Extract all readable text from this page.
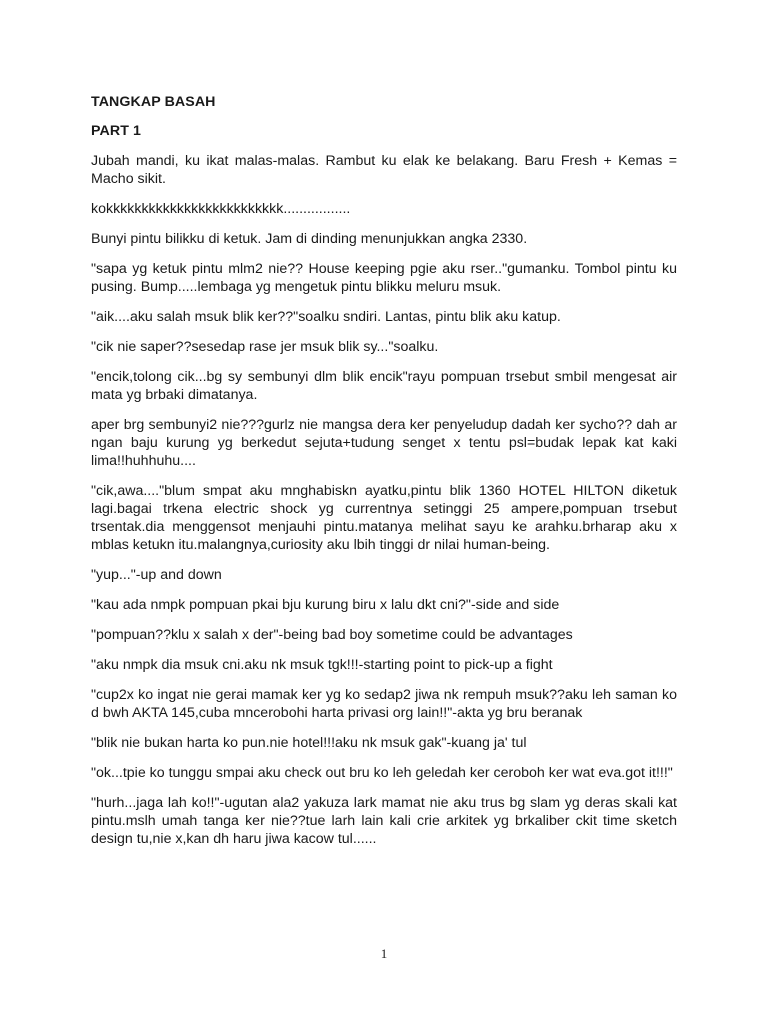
TANGKAP BASAH
PART 1

Jubah mandi, ku ikat malas-malas. Rambut ku elak ke belakang. Baru Fresh + Kemas = Macho sikit.

kokkkkkkkkkkkkkkkkkkkkkkkkk.................

Bunyi pintu bilikku di ketuk. Jam di dinding menunjukkan angka 2330.

"sapa yg ketuk pintu mlm2 nie?? House keeping pgie aku rser.."gumanku. Tombol pintu ku pusing. Bump.....lembaga yg mengetuk pintu blikku meluru msuk.

"aik....aku salah msuk blik ker??"soalku sndiri. Lantas, pintu blik aku katup.

"cik nie saper??sesedap rase jer msuk blik sy..."soalku.

"encik,tolong cik...bg sy sembunyi dlm blik encik"rayu pompuan trsebut smbil mengesat air mata yg brbaki dimatanya.

aper brg sembunyi2 nie???gurlz nie mangsa dera ker penyeludup dadah ker sycho?? dah ar ngan baju kurung yg berkedut sejuta+tudung senget x tentu psl=budak lepak kat kaki lima!!huhhuhu....

"cik,awa...."blum smpat aku mnghabiskn ayatku,pintu blik 1360 HOTEL HILTON diketuk lagi.bagai trkena electric shock yg currentnya setinggi 25 ampere,pompuan trsebut trsentak.dia menggensot menjauhi pintu.matanya melihat sayu ke arahku.brharap aku x mblas ketukn itu.malangnya,curiosity aku lbih tinggi dr nilai human-being.

"yup..."-up and down

"kau ada nmpk pompuan pkai bju kurung biru x lalu dkt cni?"-side and side

"pompuan??klu x salah x der"-being bad boy sometime could be advantages

"aku nmpk dia msuk cni.aku nk msuk tgk!!!-starting point to pick-up a fight

"cup2x ko ingat nie gerai mamak ker yg ko sedap2 jiwa nk rempuh msuk??aku leh saman ko d bwh AKTA 145,cuba mncerobohi harta privasi org lain!!"-akta yg bru beranak

"blik nie bukan harta ko pun.nie hotel!!!aku nk msuk gak"-kuang ja' tul

"ok...tpie ko tunggu smpai aku check out bru ko leh geledah ker ceroboh ker wat eva.got it!!!"

"hurh...jaga lah ko!!"-ugutan ala2 yakuza lark mamat nie aku trus bg slam yg deras skali kat pintu.mslh umah tanga ker nie??tue larh lain kali crie arkitek yg brkaliber ckit time sketch design tu,nie x,kan dh haru jiwa kacow tul......

1
